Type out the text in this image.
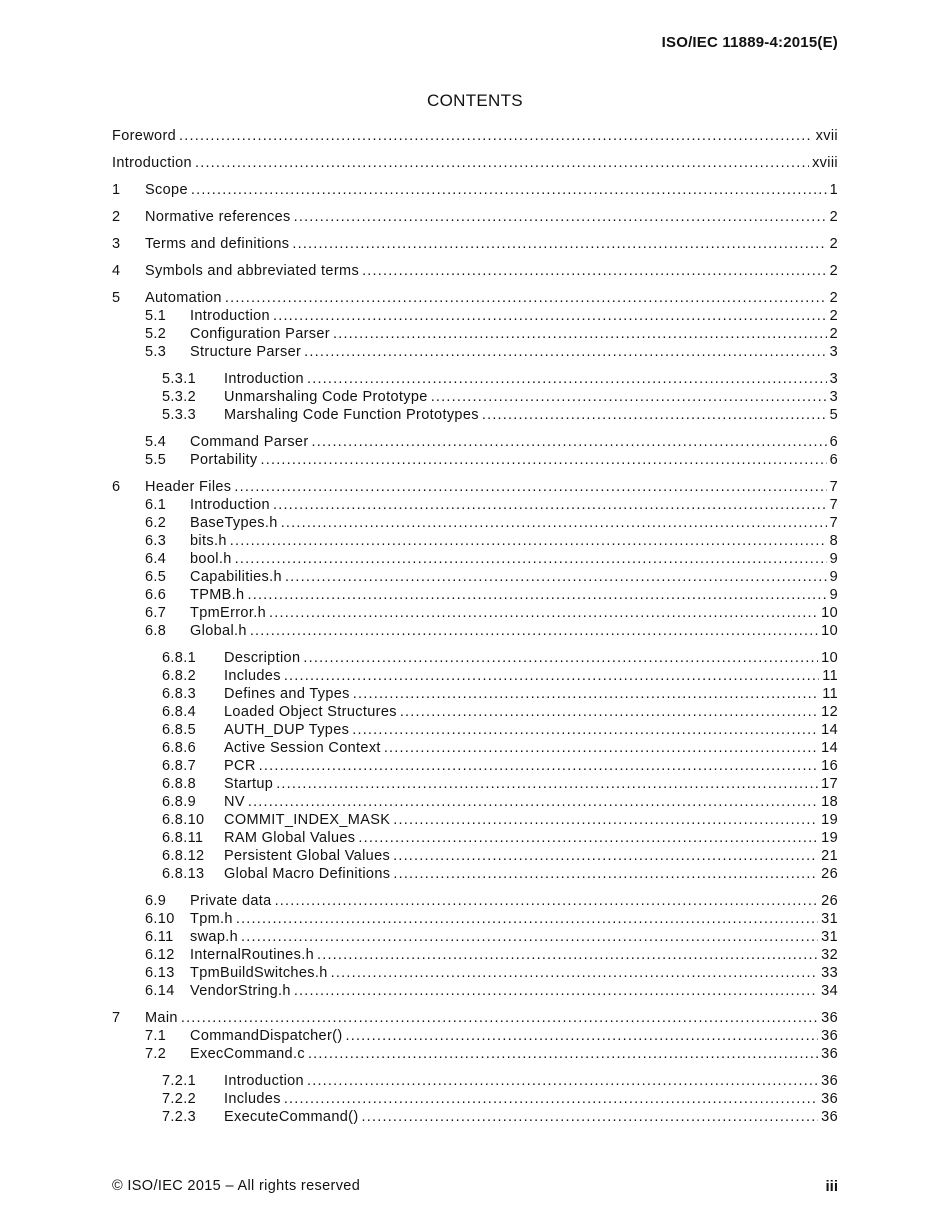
ISO/IEC 11889-4:2015(E)
CONTENTS
Foreword .....	xvii
Introduction .....	xviii
1	Scope .....	1
2	Normative references .....	2
3	Terms and definitions .....	2
4	Symbols and abbreviated terms .....	2
5	Automation .....	2
5.1	Introduction .....	2
5.2	Configuration Parser .....	2
5.3	Structure Parser .....	3
5.3.1	Introduction .....	3
5.3.2	Unmarshaling Code Prototype .....	3
5.3.3	Marshaling Code Function Prototypes .....	5
5.4	Command Parser .....	6
5.5	Portability .....	6
6	Header Files .....	7
6.1	Introduction .....	7
6.2	BaseTypes.h .....	7
6.3	bits.h .....	8
6.4	bool.h .....	9
6.5	Capabilities.h .....	9
6.6	TPMB.h .....	9
6.7	TpmError.h .....	10
6.8	Global.h .....	10
6.8.1	Description .....	10
6.8.2	Includes .....	11
6.8.3	Defines and Types .....	11
6.8.4	Loaded Object Structures .....	12
6.8.5	AUTH_DUP Types .....	14
6.8.6	Active Session Context .....	14
6.8.7	PCR .....	16
6.8.8	Startup .....	17
6.8.9	NV .....	18
6.8.10	COMMIT_INDEX_MASK .....	19
6.8.11	RAM Global Values .....	19
6.8.12	Persistent Global Values .....	21
6.8.13	Global Macro Definitions .....	26
6.9	Private data .....	26
6.10	Tpm.h .....	31
6.11	swap.h .....	31
6.12	InternalRoutines.h .....	32
6.13	TpmBuildSwitches.h .....	33
6.14	VendorString.h .....	34
7	Main .....	36
7.1	CommandDispatcher() .....	36
7.2	ExecCommand.c .....	36
7.2.1	Introduction .....	36
7.2.2	Includes .....	36
7.2.3	ExecuteCommand() .....	36
© ISO/IEC 2015 – All rights reserved	iii
